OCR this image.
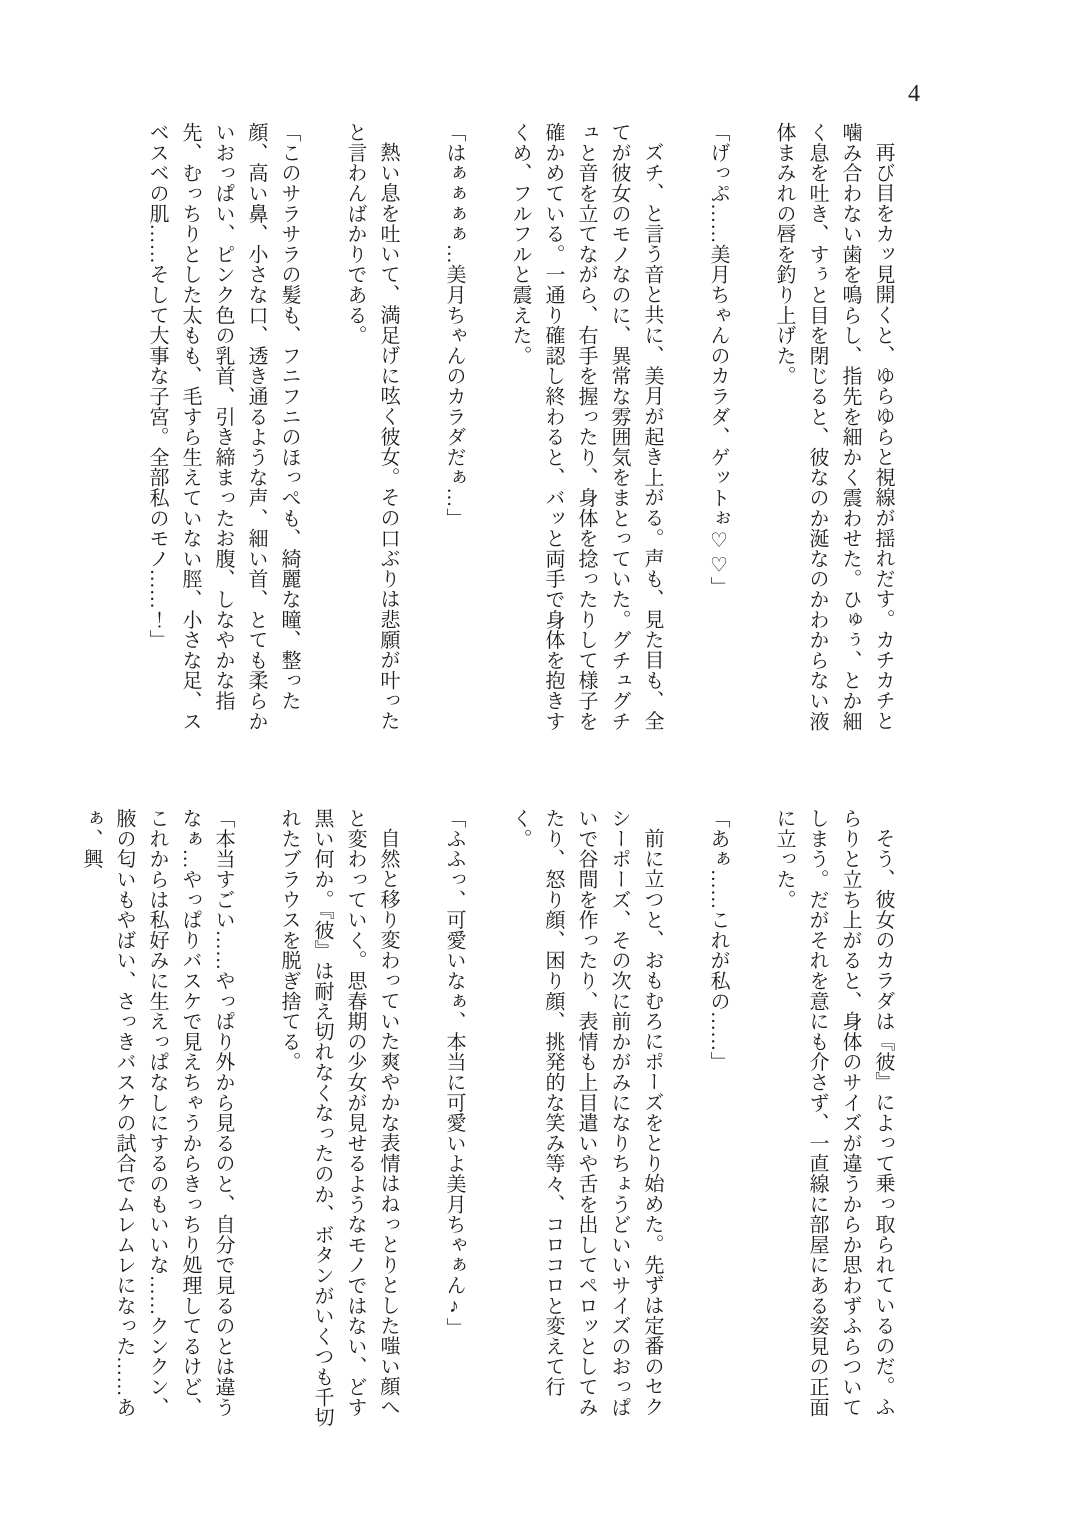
4

再び目をカッ見開くと、ゆらゆらと視線が揺れだす。カチカチと噛み合わない歯を鳴らし、指先を細かく震わせた。ひゅぅ、とか細く息を吐き、すぅと目を閉じると、彼なのか涎なのかわからない液体まみれの唇を釣り上げた。

「げっぷ……美月ちゃんのカラダ、ゲットぉ♡♡」

ズチ、と言う音と共に、美月が起き上がる。声も、見た目も、全てが彼女のモノなのに、異常な雰囲気をまとっていた。グチュグチュと音を立てながら、右手を握ったり、身体を捻ったりして様子を確かめている。一通り確認し終わると、バッと両手で身体を抱きすくめ、フルフルと震えた。

「はぁぁぁぁ…美月ちゃんのカラダだぁ…」

熱い息を吐いて、満足げに呟く彼女。その口ぶりは悲願が叶ったと言わんばかりである。

「このサラサラの髪も、フニフニのほっぺも、綺麗な瞳、整った顔、高い鼻、小さな口、透き通るような声、細い首、とても柔らかいおっぱい、ピンク色の乳首、引き締まったお腹、しなやかな指先、むっちりとした太もも、毛すら生えていない脛、小さな足、スベスベの肌……そして大事な子宮。全部私のモノ……！」

そう、彼女のカラダは『彼』によって乗っ取られているのだ。ふらりと立ち上がると、身体のサイズが違うからか思わずふらついてしまう。だがそれを意にも介さず、一直線に部屋にある姿見の正面に立った。

「あぁ……これが私の……」

前に立つと、おもむろにポーズをとり始めた。先ずは定番のセクシーポーズ、その次に前かがみになりちょうどいいサイズのおっぱいで谷間を作ったり、表情も上目遣いや舌を出してペロッとしてみたり、怒り顔、困り顔、挑発的な笑み等々、コロコロと変えて行く。

「ふふっ、可愛いなぁ、本当に可愛いよ美月ちゃぁん♪」

自然と移り変わっていた爽やかな表情はねっとりとした嗤い顔へと変わっていく。思春期の少女が見せるようなモノではない、どす黒い何か。『彼』は耐え切れなくなったのか、ボタンがいくつも千切れたブラウスを脱ぎ捨てる。

「本当すごい……やっぱり外から見るのと、自分で見るのとは違うなぁ…やっぱりバスケで見えちゃうからきっちり処理してるけど、これからは私好みに生えっぱなしにするのもいいな……クンクン、腋の匂いもやばい、さっきバスケの試合でムレムレになった……あぁ、興
